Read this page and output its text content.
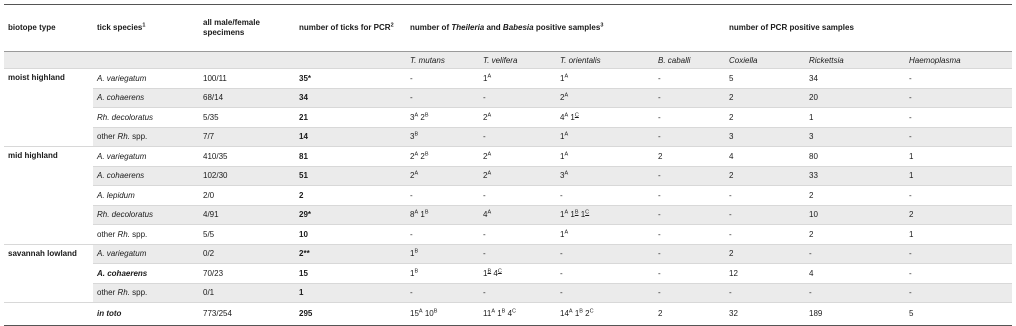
biotope type	tick species$^1$	all male/female specimens	number of ticks for PCR$^2$	number of Theileria and Babesia positive samples$^3$				number of PCR positive samples		
				T. mutans	T. velifera	T. orientalis	B. caballi	Coxiella	Rickettsia	Haemoplasma
moist highland	A. variegatum	100/11	35*	-	$1^A$	$1^A$	-	5	34	-
	A. cohaerens	68/14	34	-	-	$2^A$	-	2	20	-
	Rh. decoloratus	5/35	21	$3^A$ $2^B$	$2^A$	$4^A$ $1^C$	-	2	1	-
	other Rh. spp.	7/7	14	$3^B$	-	$1^A$	-	3	3	-
mid highland	A. variegatum	410/35	81	$2^A$ $2^B$	$2^A$	$1^A$	2	4	80	1
	A. cohaerens	102/30	51	$2^A$	$2^A$	$3^A$	-	2	33	1
	A. lepidum	2/0	2	-	-	-	-	-	2	-
	Rh. decoloratus	4/91	29*	$8^A$ $1^B$	$4^A$	$1^A$ $1^B$ $1^C$	-	-	10	2
	other Rh. spp.	5/5	10	-	-	$1^A$	-	-	2	1
savannah lowland	A. variegatum	0/2	2**	$1^B$	-	-	-	2	-	-
	A. cohaerens	70/23	15	$1^B$	$1^B$ $4^C$	-	-	12	4	-
	other Rh. spp.	0/1	1	-	-	-	-	-	-	-
	in toto	773/254	295	$15^A$ $10^B$	$11^A$ $1^B$ $4^C$	$14^A$ $1^B$ $2^C$	2	32	189	5
